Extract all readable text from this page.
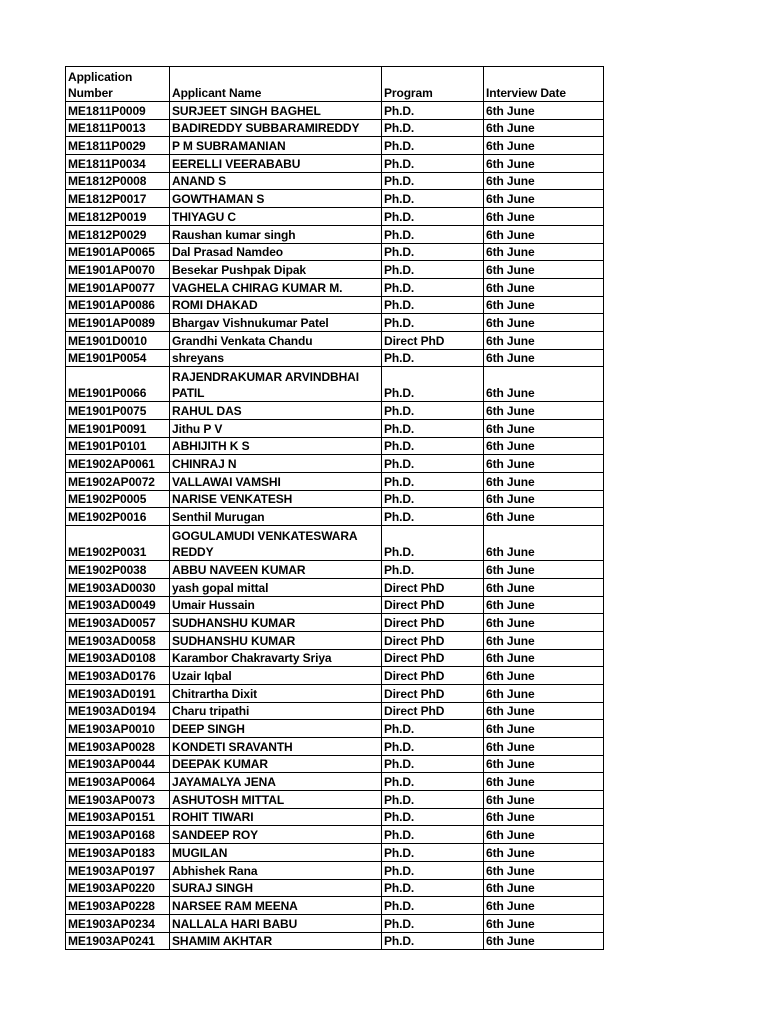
Application Number	Applicant Name	Program	Interview Date
ME1811P0009	SURJEET SINGH BAGHEL	Ph.D.	6th June
ME1811P0013	BADIREDDY SUBBARAMIREDDY	Ph.D.	6th June
ME1811P0029	P M SUBRAMANIAN	Ph.D.	6th June
ME1811P0034	EERELLI VEERABABU	Ph.D.	6th June
ME1812P0008	ANAND S	Ph.D.	6th June
ME1812P0017	GOWTHAMAN S	Ph.D.	6th June
ME1812P0019	THIYAGU C	Ph.D.	6th June
ME1812P0029	Raushan kumar singh	Ph.D.	6th June
ME1901AP0065	Dal Prasad Namdeo	Ph.D.	6th June
ME1901AP0070	Besekar Pushpak Dipak	Ph.D.	6th June
ME1901AP0077	VAGHELA CHIRAG KUMAR M.	Ph.D.	6th June
ME1901AP0086	ROMI DHAKAD	Ph.D.	6th June
ME1901AP0089	Bhargav Vishnukumar Patel	Ph.D.	6th June
ME1901D0010	Grandhi Venkata Chandu	Direct PhD	6th June
ME1901P0054	shreyans	Ph.D.	6th June
ME1901P0066	RAJENDRAKUMAR ARVINDBHAI PATIL	Ph.D.	6th June
ME1901P0075	RAHUL DAS	Ph.D.	6th June
ME1901P0091	Jithu P V	Ph.D.	6th June
ME1901P0101	ABHIJITH K S	Ph.D.	6th June
ME1902AP0061	CHINRAJ N	Ph.D.	6th June
ME1902AP0072	VALLAWAI VAMSHI	Ph.D.	6th June
ME1902P0005	NARISE VENKATESH	Ph.D.	6th June
ME1902P0016	Senthil Murugan	Ph.D.	6th June
ME1902P0031	GOGULAMUDI VENKATESWARA REDDY	Ph.D.	6th June
ME1902P0038	ABBU NAVEEN KUMAR	Ph.D.	6th June
ME1903AD0030	yash gopal mittal	Direct PhD	6th June
ME1903AD0049	Umair Hussain	Direct PhD	6th June
ME1903AD0057	SUDHANSHU KUMAR	Direct PhD	6th June
ME1903AD0058	SUDHANSHU KUMAR	Direct PhD	6th June
ME1903AD0108	Karambor Chakravarty Sriya	Direct PhD	6th June
ME1903AD0176	Uzair Iqbal	Direct PhD	6th June
ME1903AD0191	Chitrartha Dixit	Direct PhD	6th June
ME1903AD0194	Charu tripathi	Direct PhD	6th June
ME1903AP0010	DEEP SINGH	Ph.D.	6th June
ME1903AP0028	KONDETI SRAVANTH	Ph.D.	6th June
ME1903AP0044	DEEPAK KUMAR	Ph.D.	6th June
ME1903AP0064	JAYAMALYA JENA	Ph.D.	6th June
ME1903AP0073	ASHUTOSH MITTAL	Ph.D.	6th June
ME1903AP0151	ROHIT TIWARI	Ph.D.	6th June
ME1903AP0168	SANDEEP ROY	Ph.D.	6th June
ME1903AP0183	MUGILAN	Ph.D.	6th June
ME1903AP0197	Abhishek Rana	Ph.D.	6th June
ME1903AP0220	SURAJ SINGH	Ph.D.	6th June
ME1903AP0228	NARSEE RAM MEENA	Ph.D.	6th June
ME1903AP0234	NALLALA HARI BABU	Ph.D.	6th June
ME1903AP0241	SHAMIM AKHTAR	Ph.D.	6th June
